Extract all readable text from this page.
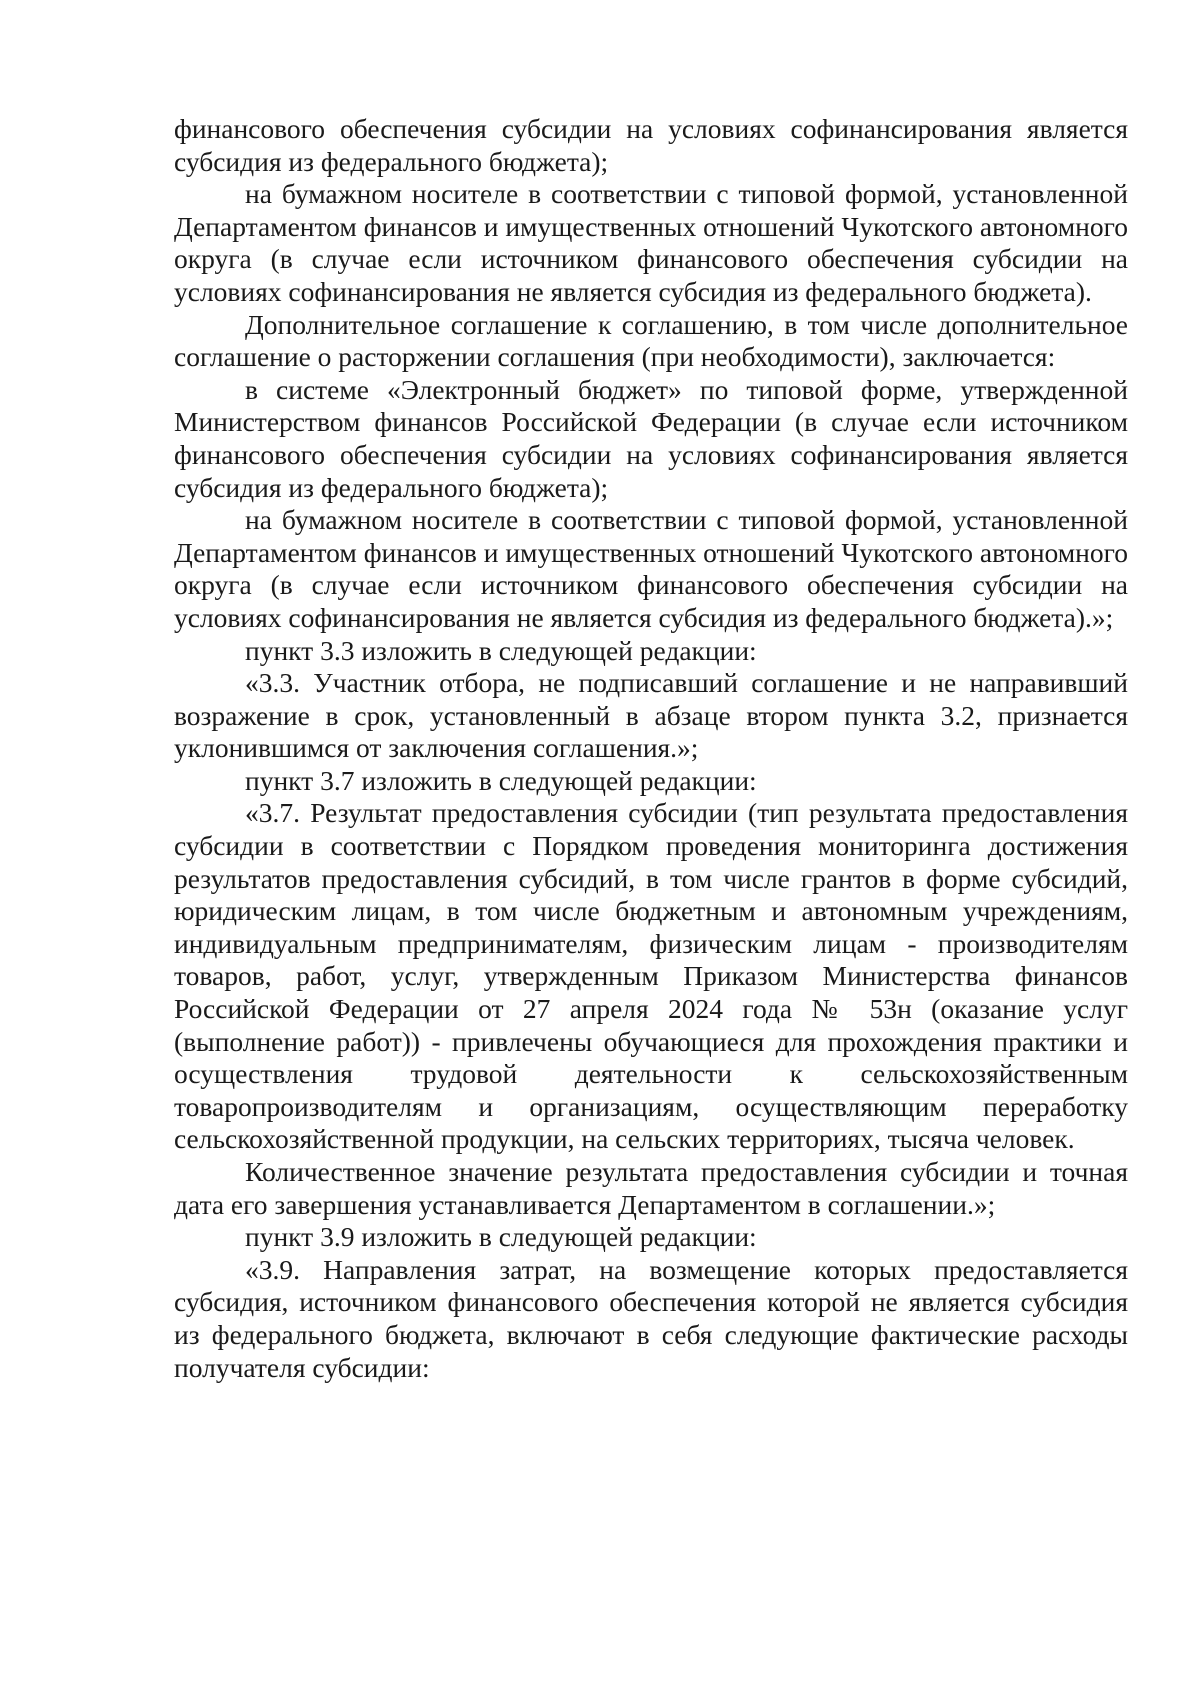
финансового обеспечения субсидии на условиях софинансирования является субсидия из федерального бюджета);

на бумажном носителе в соответствии с типовой формой, установленной Департаментом финансов и имущественных отношений Чукотского автономного округа (в случае если источником финансового обеспечения субсидии на условиях софинансирования не является субсидия из федерального бюджета).

Дополнительное соглашение к соглашению, в том числе дополнительное соглашение о расторжении соглашения (при необходимости), заключается:

в системе «Электронный бюджет» по типовой форме, утвержденной Министерством финансов Российской Федерации (в случае если источником финансового обеспечения субсидии на условиях софинансирования является субсидия из федерального бюджета);

на бумажном носителе в соответствии с типовой формой, установленной Департаментом финансов и имущественных отношений Чукотского автономного округа (в случае если источником финансового обеспечения субсидии на условиях софинансирования не является субсидия из федерального бюджета).»;

пункт 3.3 изложить в следующей редакции:

«3.3. Участник отбора, не подписавший соглашение и не направивший возражение в срок, установленный в абзаце втором пункта 3.2, признается уклонившимся от заключения соглашения.»;

пункт 3.7 изложить в следующей редакции:

«3.7. Результат предоставления субсидии (тип результата предоставления субсидии в соответствии с Порядком проведения мониторинга достижения результатов предоставления субсидий, в том числе грантов в форме субсидий, юридическим лицам, в том числе бюджетным и автономным учреждениям, индивидуальным предпринимателям, физическим лицам - производителям товаров, работ, услуг, утвержденным Приказом Министерства финансов Российской Федерации от 27 апреля 2024 года № 53н (оказание услуг (выполнение работ)) - привлечены обучающиеся для прохождения практики и осуществления трудовой деятельности к сельскохозяйственным товаропроизводителям и организациям, осуществляющим переработку сельскохозяйственной продукции, на сельских территориях, тысяча человек.

Количественное значение результата предоставления субсидии и точная дата его завершения устанавливается Департаментом в соглашении.»;

пункт 3.9 изложить в следующей редакции:

«3.9. Направления затрат, на возмещение которых предоставляется субсидия, источником финансового обеспечения которой не является субсидия из федерального бюджета, включают в себя следующие фактические расходы получателя субсидии:
